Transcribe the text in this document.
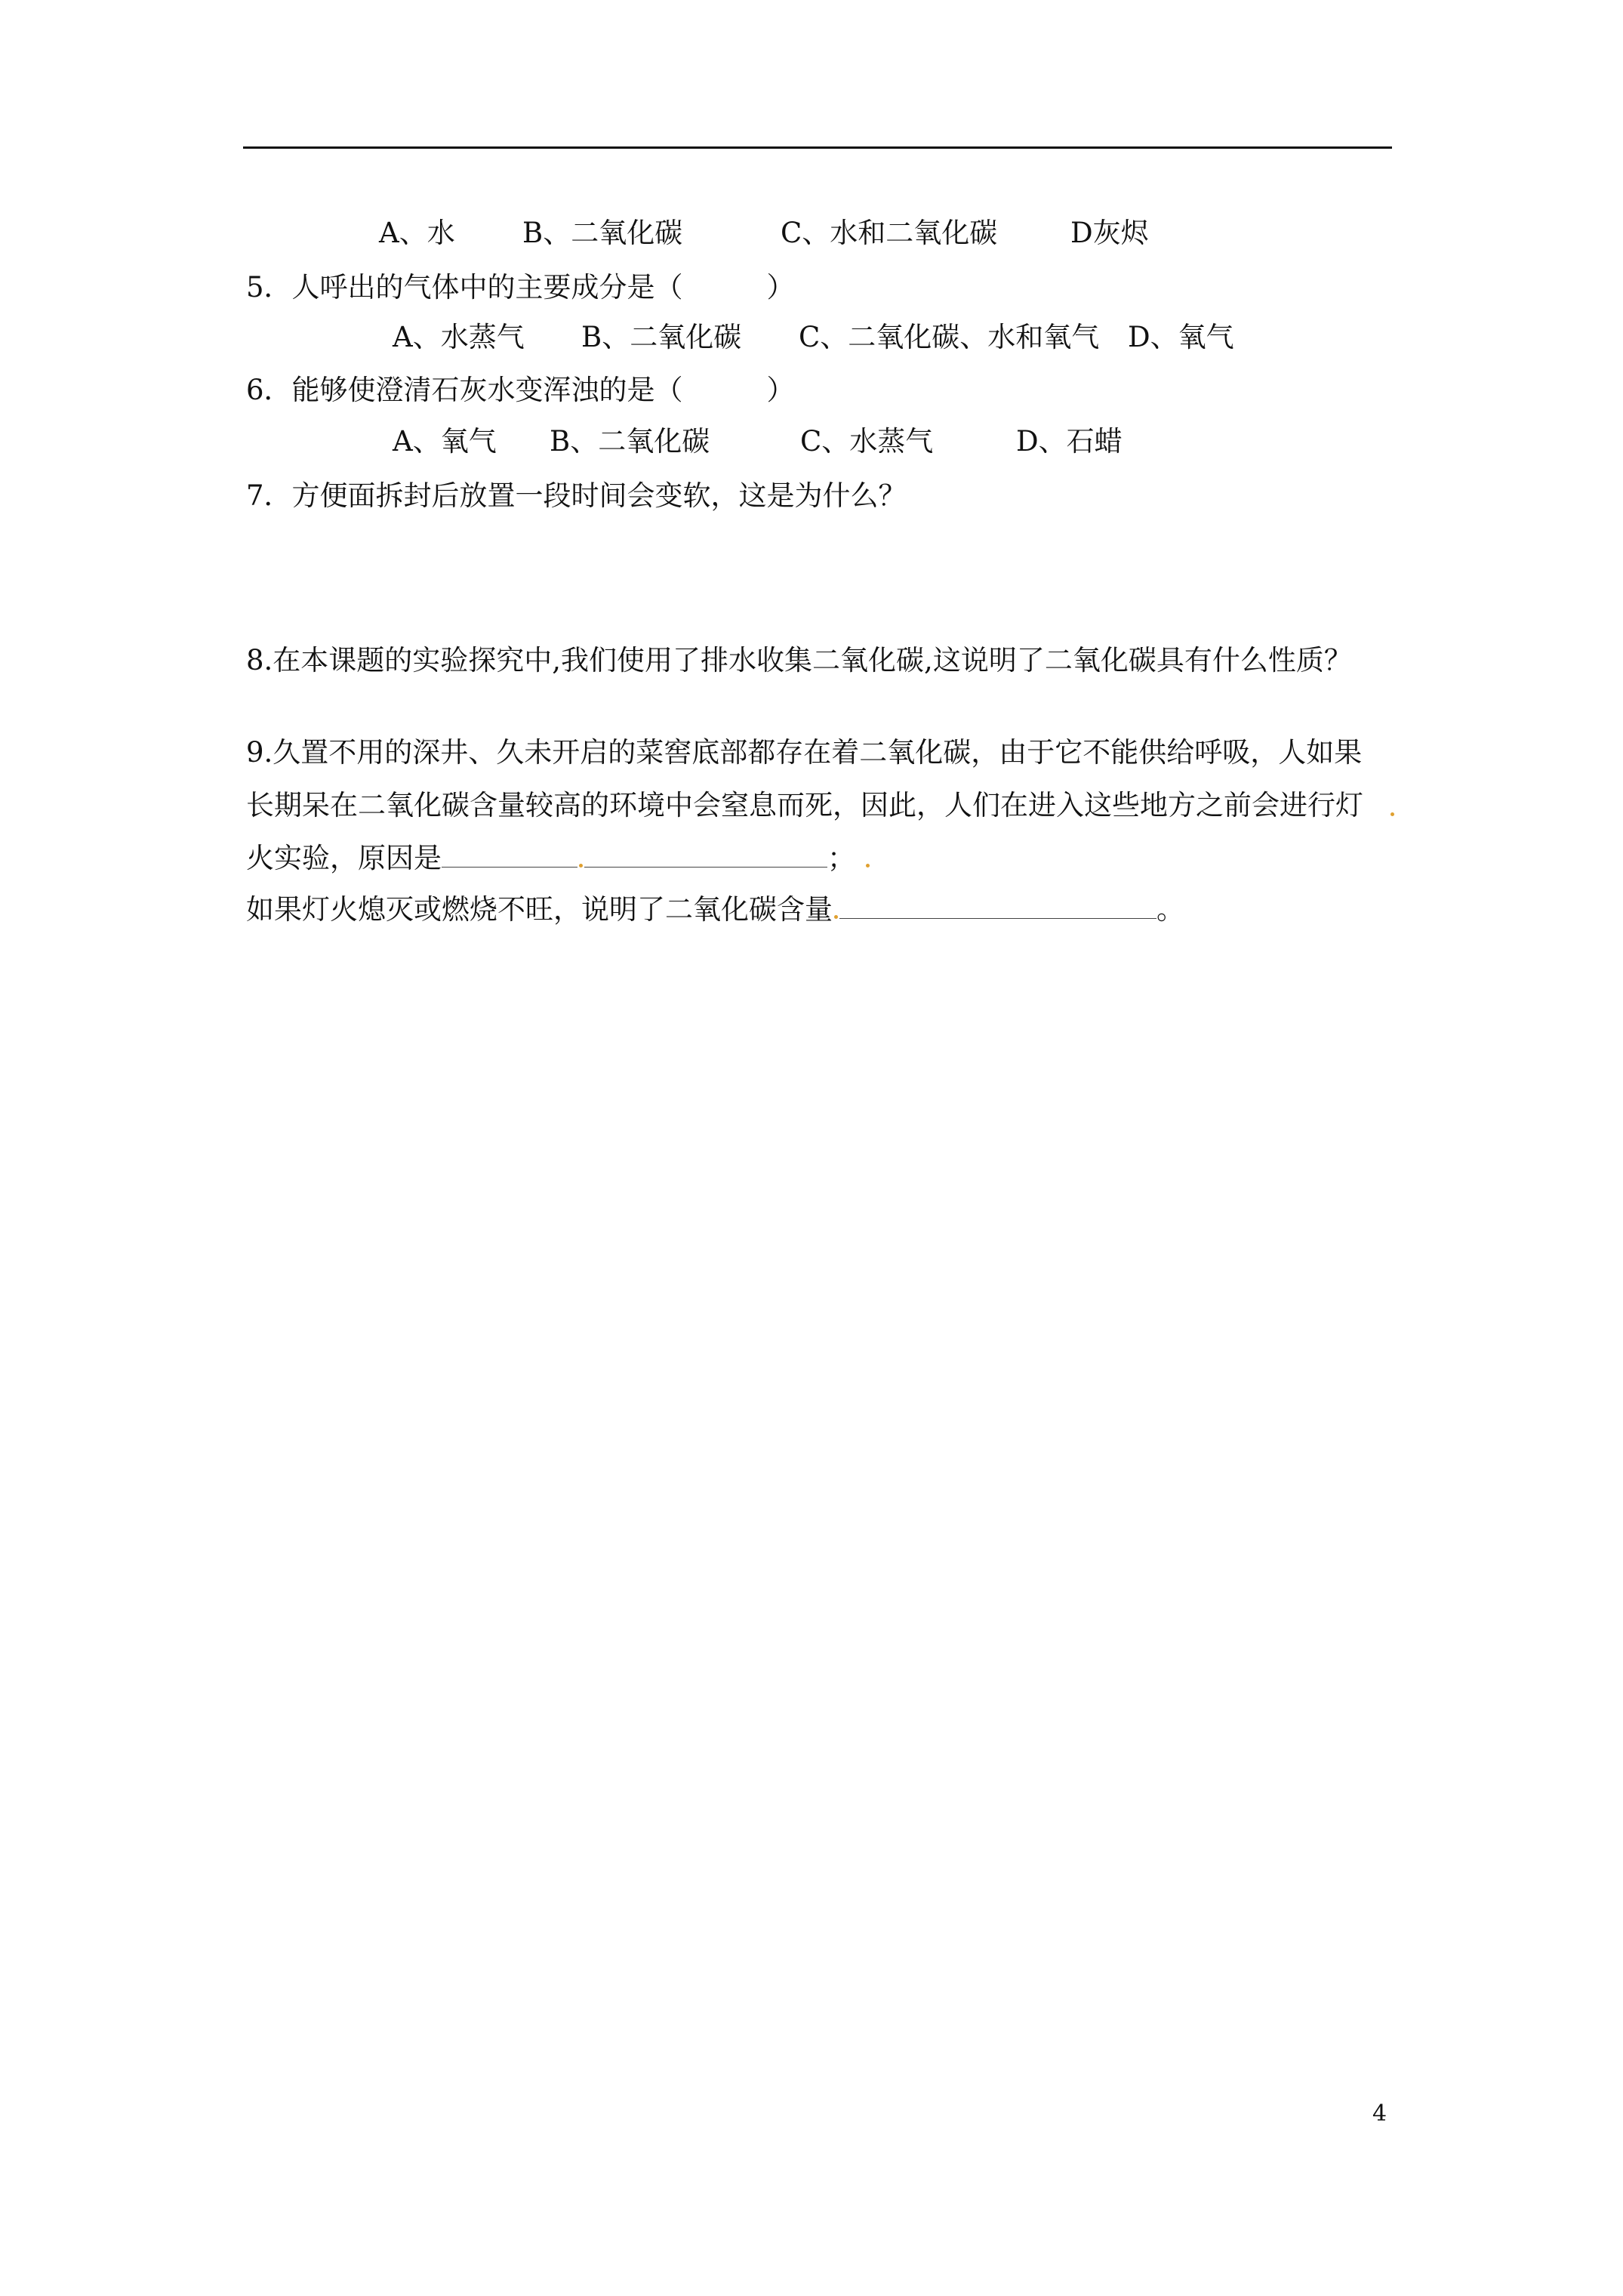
A、水 B、二氧化碳	C、水和二氧化碳	D灰烬
5．人呼出的气体中的主要成分是（　　　）
A、水蒸气 B、二氧化碳 C、二氧化碳、水和氧气 D、氧气
6．能够使澄清石灰水变浑浊的是（　　　）
A、氧气 B、二氧化碳	C、水蒸气	D、石蜡
7．方便面拆封后放置一段时间会变软，这是为什么？
8.在本课题的实验探究中,我们使用了排水收集二氧化碳,这说明了二氧化碳具有什么性质？
9.久置不用的深井、久未开启的菜窖底部都存在着二氧化碳，由于它不能供给呼吸，人如果
长期呆在二氧化碳含量较高的环境中会窒息而死，因此，人们在进入这些地方之前会进行灯
火实验，原因是	；
如果灯火熄灭或燃烧不旺，说明了二氧化碳含量	。
4
